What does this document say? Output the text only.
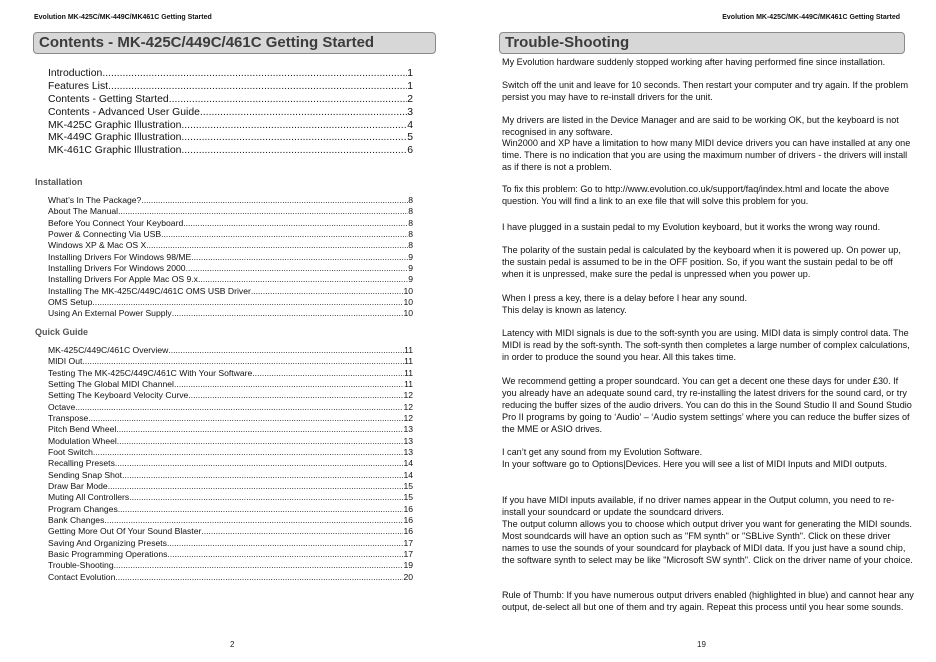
Evolution MK-425C/MK-449C/MK461C Getting Started
Contents - MK-425C/449C/461C Getting Started
Introduction .....	1
Features List .....	1
Contents - Getting Started .....	2
Contents - Advanced User Guide .....	3
MK-425C Graphic Illustration .....	4
MK-449C Graphic Illustration .....	5
MK-461C Graphic Illustration .....	6
Installation
What’s In The Package? .....	8
About The Manual .....	8
Before You Connect Your Keyboard .....	8
Power & Connecting Via USB .....	8
Windows XP & Mac OS X .....	8
Installing Drivers For Windows 98/ME .....	9
Installing Drivers For Windows 2000 .....	9
Installing Drivers For Apple Mac OS 9.x .....	9
Installing The MK-425C/449C/461C OMS USB Driver .....	10
OMS Setup .....	10
Using An External Power Supply .....	10
Quick Guide
MK-425C/449C/461C Overview .....	11
MIDI Out .....	11
Testing The MK-425C/449C/461C With Your Software .....	11
Setting The Global MIDI Channel .....	11
Setting The Keyboard Velocity Curve .....	12
Octave .....	12
Transpose .....	12
Pitch Bend Wheel .....	13
Modulation Wheel .....	13
Foot Switch .....	13
Recalling Presets .....	14
Sending Snap Shot .....	14
Draw Bar Mode .....	15
Muting All Controllers .....	15
Program Changes .....	16
Bank Changes .....	16
Getting More Out Of Your Sound Blaster .....	16
Saving And Organizing Presets .....	17
Basic Programming Operations .....	17
Trouble-Shooting .....	19
Contact Evolution .....	20
2
Evolution MK-425C/MK-449C/MK461C Getting Started
Trouble-Shooting
My Evolution hardware suddenly stopped working after having performed fine since installation.
Switch off the unit and leave for 10 seconds. Then restart your computer and try again. If the problem persist you may have to re-install drivers for the unit.
My drivers are listed in the Device Manager and are said to be working OK, but the keyboard is not recognised in any software.
Win2000 and XP have a limitation to how many MIDI device drivers you can have installed at any one time. There is no indication that you are using the maximum number of drivers - the drivers will install as if there is not a problem.
To fix this problem: Go to http://www.evolution.co.uk/support/faq/index.html and locate the above question. You will find a link to an exe file that will solve this problem for you.
I have plugged in a sustain pedal to my Evolution keyboard, but it works the wrong way round.
The polarity of the sustain pedal is calculated by the keyboard when it is powered up. On power up, the sustain pedal is assumed to be in the OFF position. So, if you want the sustain pedal to be off when it is unpressed, make sure the pedal is unpressed when you power up.
When I press a key, there is a delay before I hear any sound.
This delay is known as latency.
Latency with MIDI signals is due to the soft-synth you are using. MIDI data is simply control data. The MIDI is read by the soft-synth. The soft-synth then completes a large number of complex calculations, in order to produce the sound you hear. All this takes time.
We recommend getting a proper soundcard. You can get a decent one these days for under £30. If you already have an adequate sound card, try re-installing the latest drivers for the sound card, or try reducing the buffer sizes of the audio drivers. You can do this in the Sound Studio II and Sound Studio Pro II programs by going to ‘Audio’ – ‘Audio system settings’ where you can reduce the buffer sizes of the MME or ASIO drives.
I can’t get any sound from my Evolution Software.
In your software go to Options|Devices. Here you will see a list of MIDI Inputs and MIDI outputs.
If you have MIDI inputs available, if no driver names appear in the Output column, you need to re-install your soundcard or update the soundcard drivers.
The output column allows you to choose which output driver you want for generating the MIDI sounds. Most soundcards will have an option such as "FM synth" or "SBLive Synth". Click on these driver names to use the sounds of your soundcard for playback of MIDI data. If you just have a sound chip, the software synth to select may be like "Microsoft SW synth". Click on the driver name of your choice.
Rule of Thumb: If you have numerous output drivers enabled (highlighted in blue) and cannot hear any output, de-select all but one of them and try again. Repeat this process until you hear some sounds.
19
